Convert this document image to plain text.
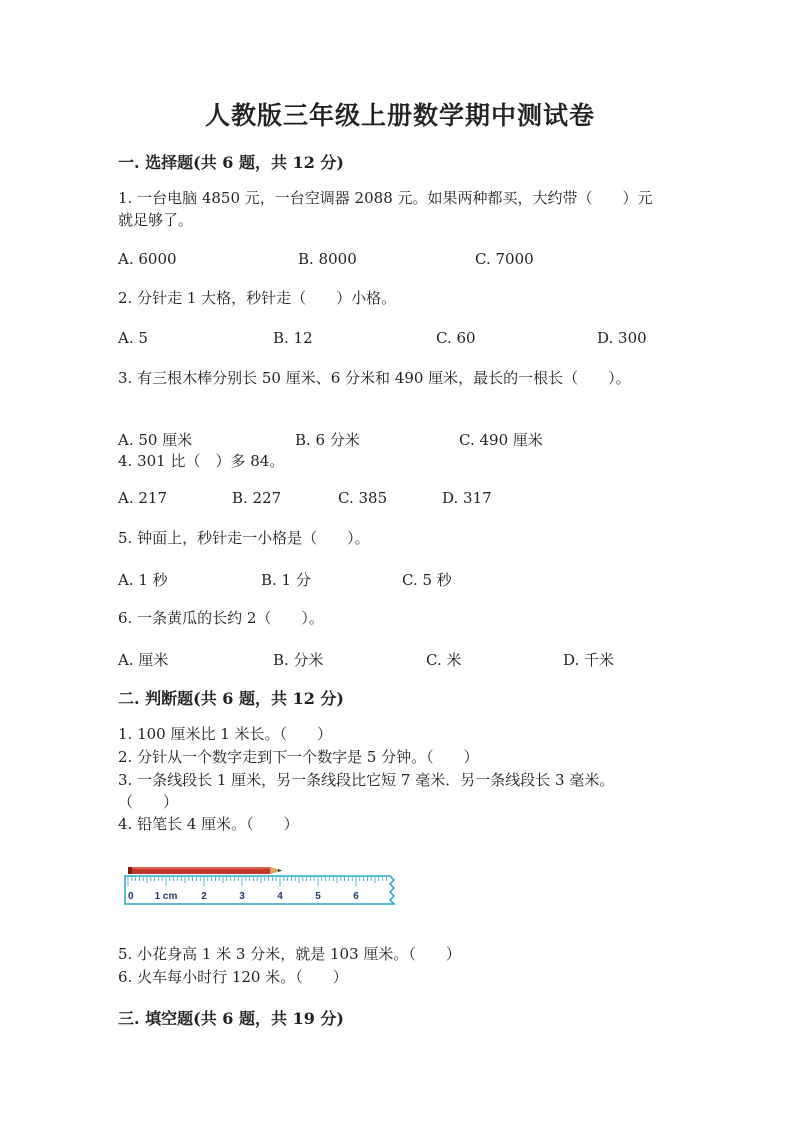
人教版三年级上册数学期中测试卷
一. 选择题(共 6 题，共 12 分)
1. 一台电脑 4850 元，一台空调器 2088 元。如果两种都买，大约带（　　）元
就足够了。
A. 6000	B. 8000	C. 7000
2. 分针走 1 大格，秒针走（　　）小格。
A. 5	B. 12	C. 60	D. 300
3. 有三根木棒分别长 50 厘米、6 分米和 490 厘米，最长的一根长（　　）。
A. 50 厘米	B. 6 分米	C. 490 厘米
4. 301 比（　）多 84。
A. 217	B. 227	C. 385	D. 317
5. 钟面上，秒针走一小格是（　　）。
A. 1 秒	B. 1 分	C. 5 秒
6. 一条黄瓜的长约 2（　　）。
A. 厘米	B. 分米	C. 米	D. 千米
二. 判断题(共 6 题，共 12 分)
1. 100 厘米比 1 米长。（　　）
2. 分针从一个数字走到下一个数字是 5 分钟。（　　）
3. 一条线段长 1 厘米，另一条线段比它短 7 毫米．另一条线段长 3 毫米。
（　　）
4. 铅笔长 4 厘米。（　　）
0 1 cm 2	3	4	5	6
5. 小花身高 1 米 3 分米，就是 103 厘米。（　　）
6. 火车每小时行 120 米。（　　）
三. 填空题(共 6 题，共 19 分)
